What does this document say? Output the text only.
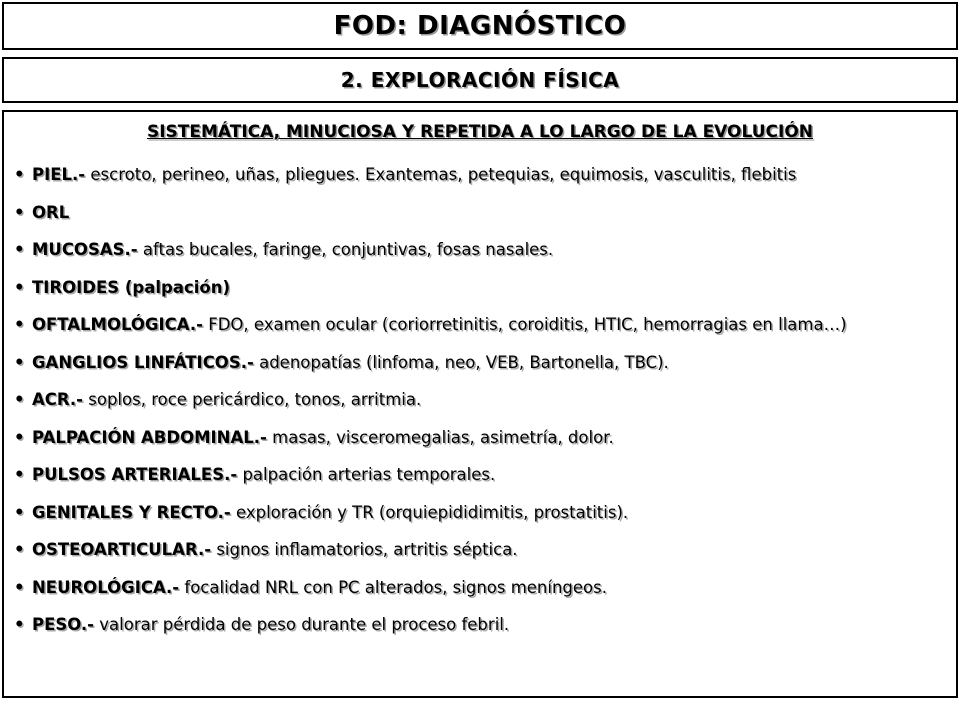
FOD: DIAGNÓSTICO
2. EXPLORACIÓN FÍSICA
SISTEMÁTICA, MINUCIOSA Y REPETIDA A LO LARGO DE LA EVOLUCIÓN
• PIEL.- escroto, perineo, uñas, pliegues. Exantemas, petequias, equimosis, vasculitis, flebitis
• ORL
• MUCOSAS.- aftas bucales, faringe, conjuntivas, fosas nasales.
• TIROIDES (palpación)
• OFTALMOLÓGICA.- FDO, examen ocular (coriorretinitis, coroiditis, HTIC, hemorragias en llama…)
• GANGLIOS LINFÁTICOS.- adenopatías (linfoma, neo, VEB, Bartonella, TBC).
• ACR.- soplos, roce pericárdico, tonos, arritmia.
• PALPACIÓN ABDOMINAL.- masas, visceromegalias, asimetría, dolor.
• PULSOS ARTERIALES.- palpación arterias temporales.
• GENITALES Y RECTO.- exploración y TR (orquiepididimitis, prostatitis).
• OSTEOARTICULAR.- signos inflamatorios, artritis séptica.
• NEUROLÓGICA.- focalidad NRL con PC alterados, signos meníngeos.
• PESO.- valorar pérdida de peso durante el proceso febril.
